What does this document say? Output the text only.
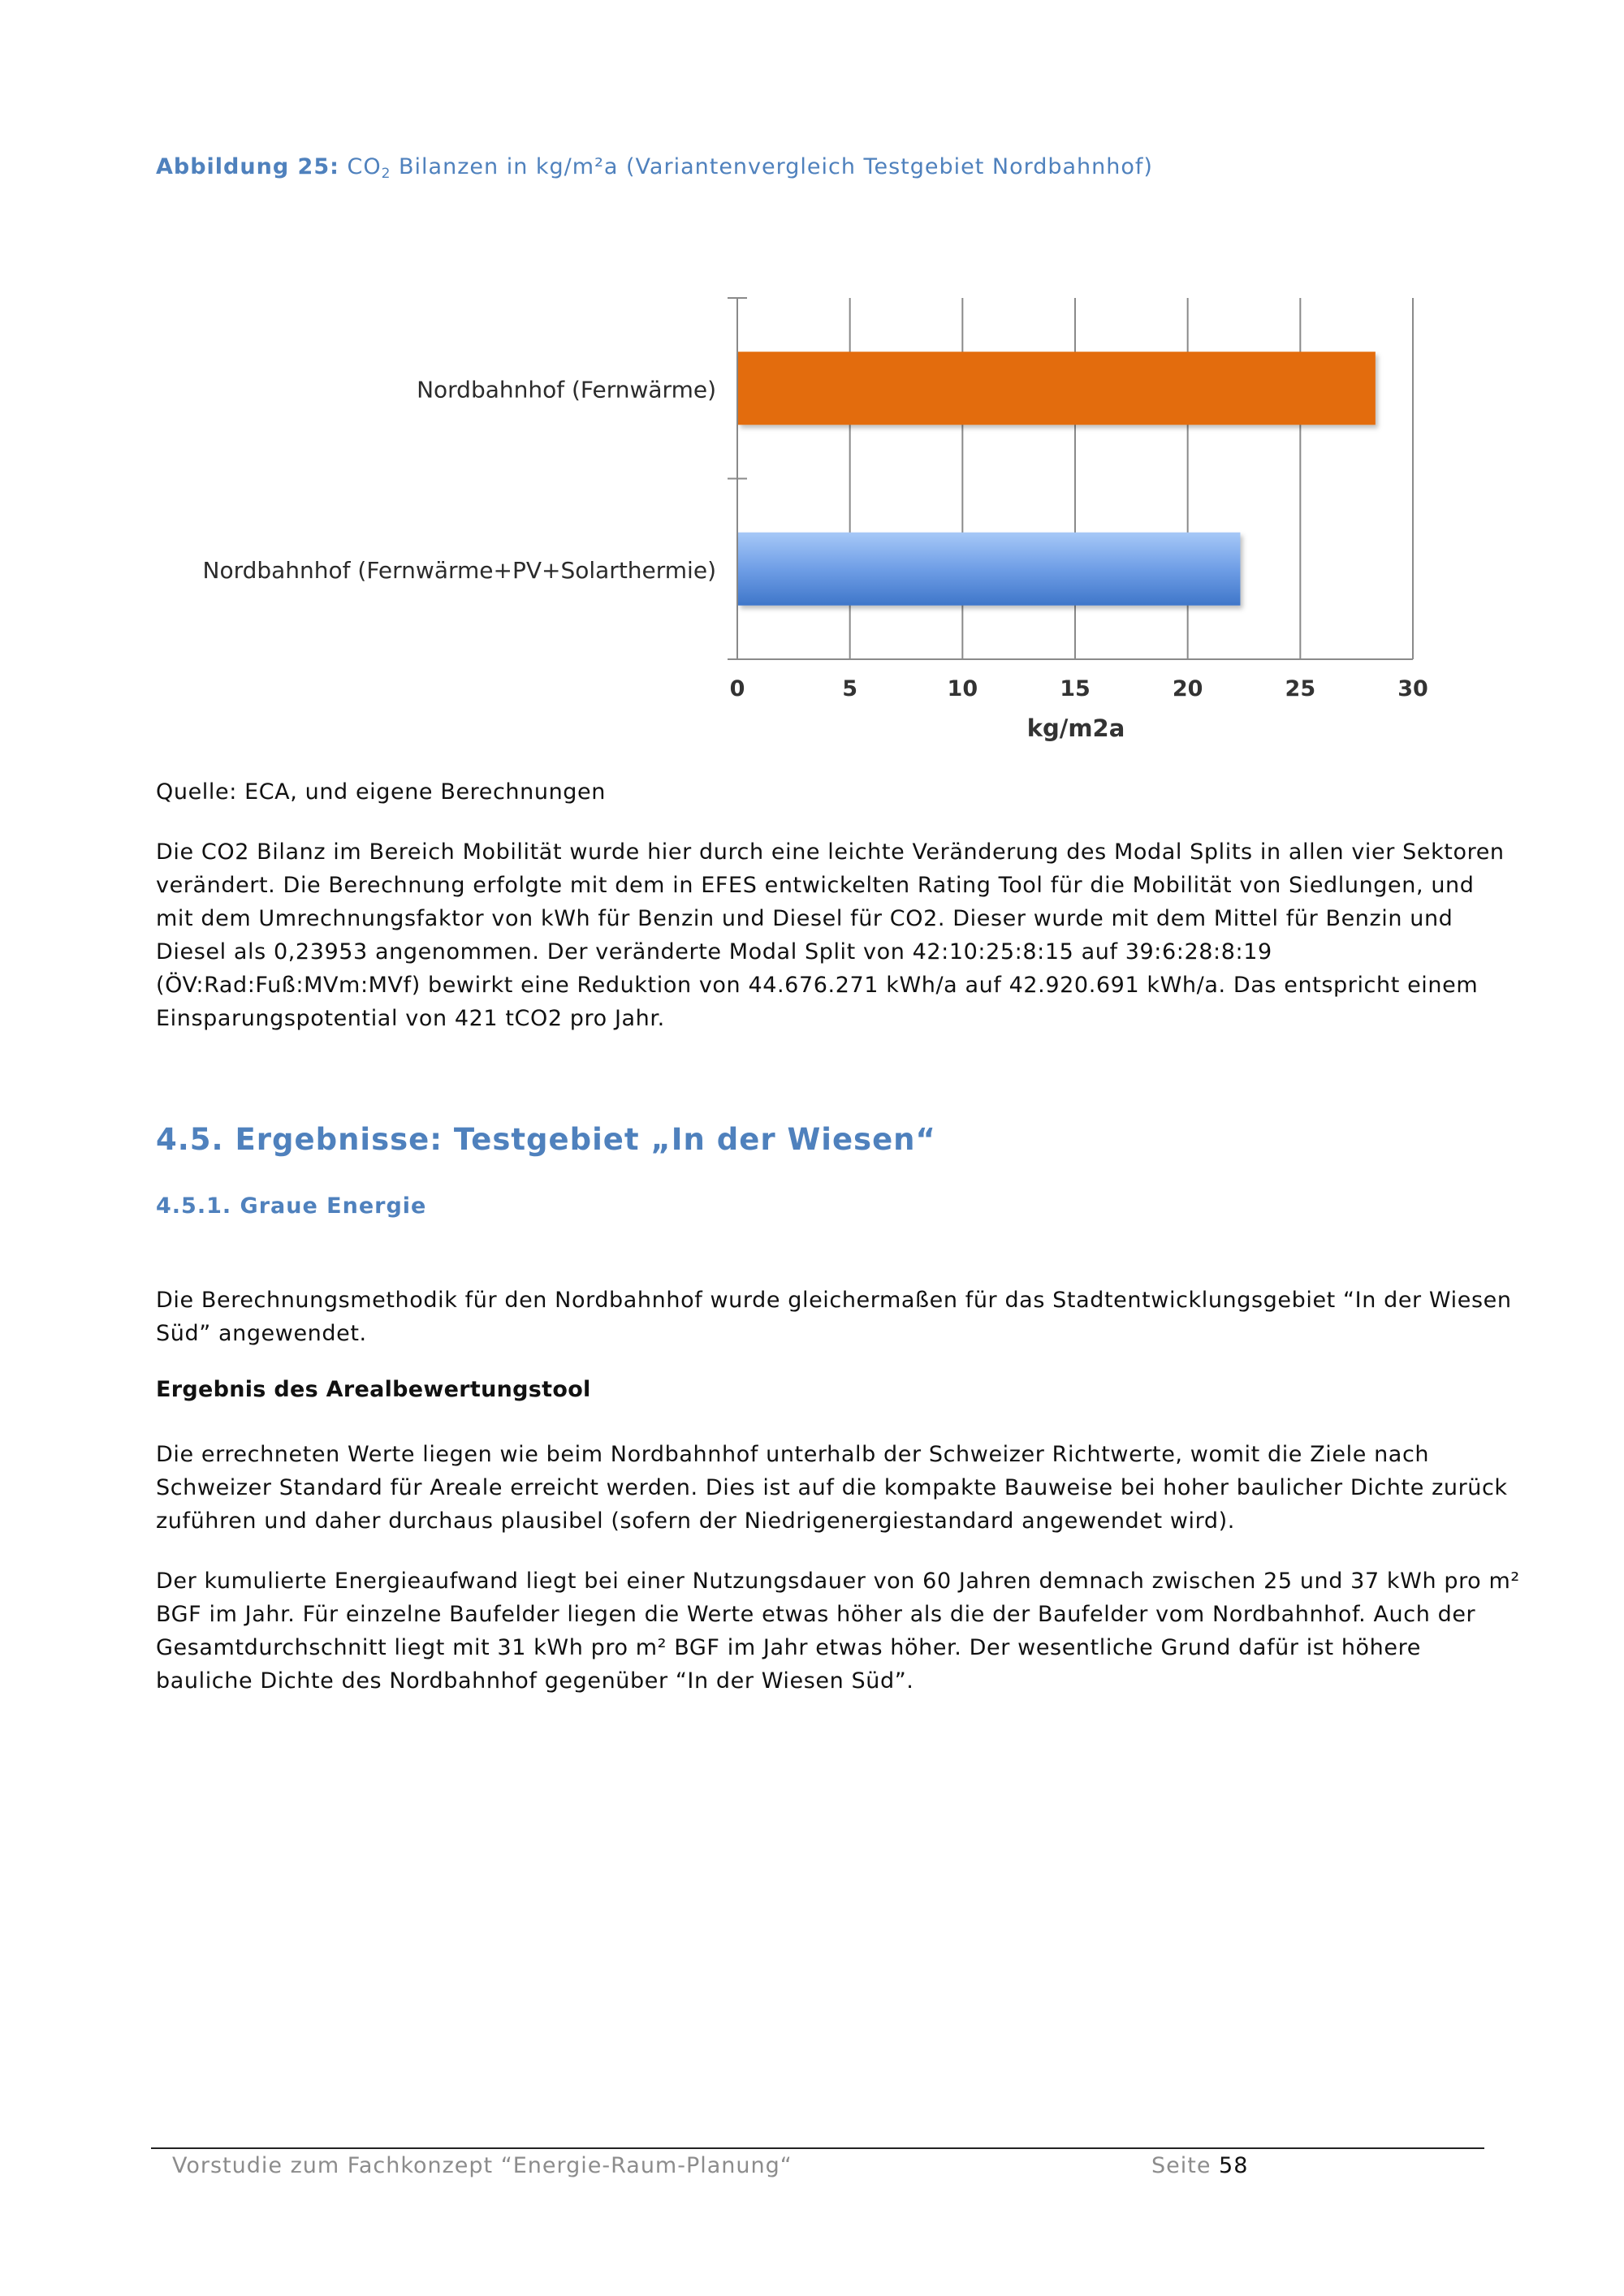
Abbildung 25: $CO_2$ Bilanzen in kg/m²a (Variantenvergleich Testgebiet Nordbahnhof)
Nordbahnhof (Fernwärme)
Nordbahnhof (Fernwärme+PV+Solarthermie)
0	5	10	15	20	25	30
kg/m2a
Quelle: ECA, und eigene Berechnungen
Die CO2 Bilanz im Bereich Mobilität wurde hier durch eine leichte Veränderung des Modal Splits in allen vier Sektoren
verändert. Die Berechnung erfolgte mit dem in EFES entwickelten Rating Tool für die Mobilität von Siedlungen, und
mit dem Umrechnungsfaktor von kWh für Benzin und Diesel für CO2. Dieser wurde mit dem Mittel für Benzin und
Diesel als 0,23953 angenommen. Der veränderte Modal Split von 42:10:25:8:15 auf 39:6:28:8:19
(ÖV:Rad:Fuß:MVm:MVf) bewirkt eine Reduktion von 44.676.271 kWh/a auf 42.920.691 kWh/a. Das entspricht einem
Einsparungspotential von 421 tCO2 pro Jahr.
4.5. Ergebnisse: Testgebiet „In der Wiesen“
4.5.1. Graue Energie
Die Berechnungsmethodik für den Nordbahnhof wurde gleichermaßen für das Stadtentwicklungsgebiet “In der Wiesen
Süd” angewendet.
Ergebnis des Arealbewertungstool
Die errechneten Werte liegen wie beim Nordbahnhof unterhalb der Schweizer Richtwerte, womit die Ziele nach
Schweizer Standard für Areale erreicht werden. Dies ist auf die kompakte Bauweise bei hoher baulicher Dichte zurück
zuführen und daher durchaus plausibel (sofern der Niedrigenergiestandard angewendet wird).
Der kumulierte Energieaufwand liegt bei einer Nutzungsdauer von 60 Jahren demnach zwischen 25 und 37 kWh pro m²
BGF im Jahr. Für einzelne Baufelder liegen die Werte etwas höher als die der Baufelder vom Nordbahnhof. Auch der
Gesamtdurchschnitt liegt mit 31 kWh pro m² BGF im Jahr etwas höher. Der wesentliche Grund dafür ist höhere
bauliche Dichte des Nordbahnhof gegenüber “In der Wiesen Süd”.
Vorstudie zum Fachkonzept “Energie-Raum-Planung“	Seite 58
